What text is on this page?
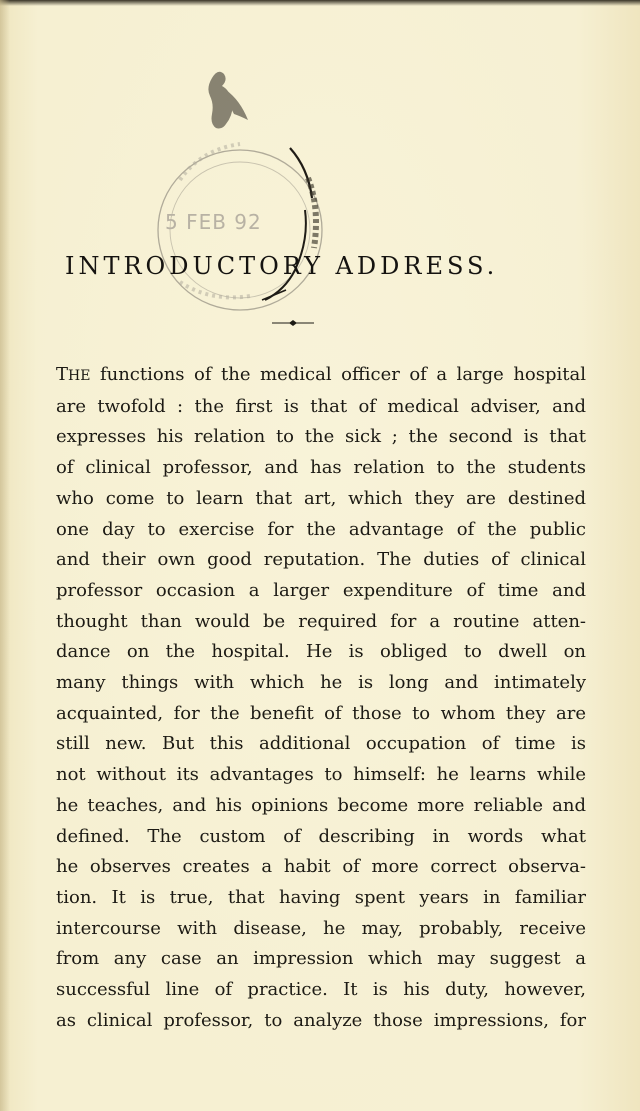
5 FEB 92
INTRODUCTORY ADDRESS.
THE functions of the medical officer of a large hospital
are twofold : the first is that of medical adviser, and
expresses his relation to the sick ; the second is that
of clinical professor, and has relation to the students
who come to learn that art, which they are destined
one day to exercise for the advantage of the public
and their own good reputation. The duties of clinical
professor occasion a larger expenditure of time and
thought than would be required for a routine atten-
dance on the hospital. He is obliged to dwell on
many things with which he is long and intimately
acquainted, for the benefit of those to whom they are
still new. But this additional occupation of time is
not without its advantages to himself: he learns while
he teaches, and his opinions become more reliable and
defined. The custom of describing in words what
he observes creates a habit of more correct observa-
tion. It is true, that having spent years in familiar
intercourse with disease, he may, probably, receive
from any case an impression which may suggest a
successful line of practice. It is his duty, however,
as clinical professor, to analyze those impressions, for
